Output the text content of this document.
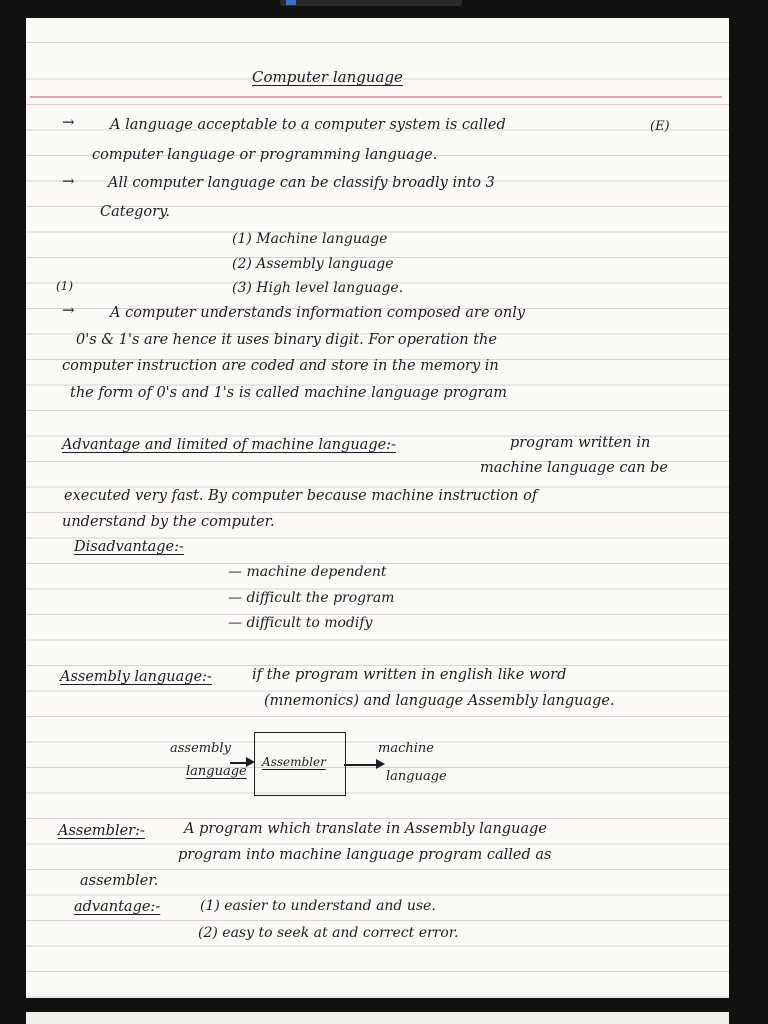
Computer language
→ A language acceptable to a computer system is called	(E)
computer language or programming language.
→ All computer language can be classify broadly into 3
Category.
(1) Machine language
(2) Assembly language
(1)	(3) High level language.
→ A computer understands information composed are only
0's & 1's are hence it uses binary digit. For operation the
computer instruction are coded and store in the memory in
the form of 0's and 1's is called machine language program
Advantage and limited of machine language:-	program written in
machine language can be
executed very fast. By computer because machine instruction of
understand by the computer.
Disadvantage:-
— machine dependent
— difficult the program
— difficult to modify
Assembly language:-	if the program written in english like word
(mnemonics) and language Assembly language.
assembly
language
Assembler
machine
language
Assembler:-	A program which translate in Assembly language
program into machine language program called as
assembler.
advantage:-	(1) easier to understand and use.
(2) easy to seek at and correct error.
